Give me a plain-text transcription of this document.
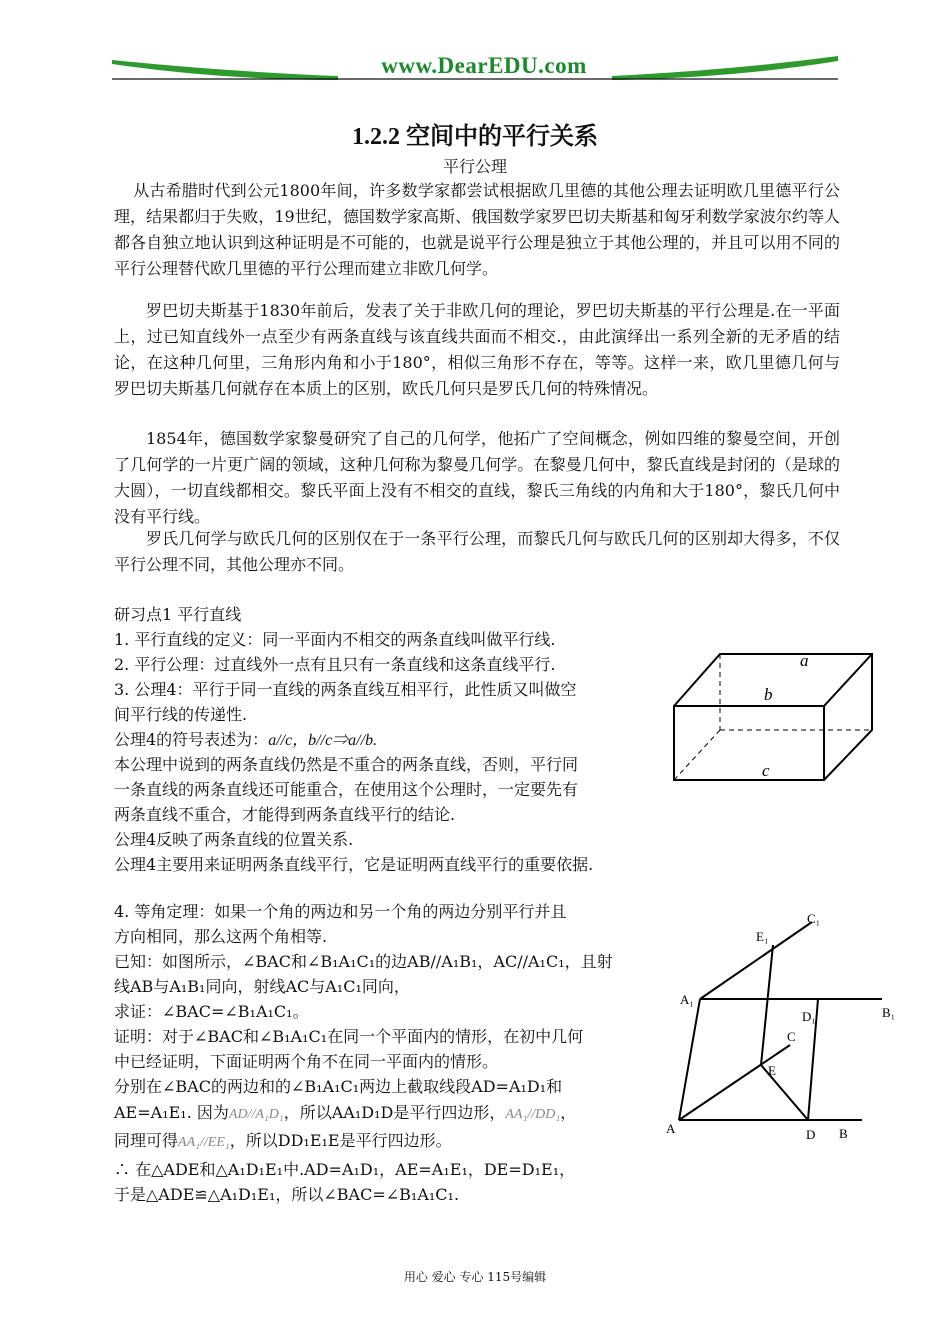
www.DearEDU.com
1.2.2 空间中的平行关系
平行公理
从古希腊时代到公元1800年间，许多数学家都尝试根据欧几里德的其他公理去证明欧几里德平行公理，结果都归于失败，19世纪，德国数学家高斯、俄国数学家罗巴切夫斯基和匈牙利数学家波尔约等人都各自独立地认识到这种证明是不可能的，也就是说平行公理是独立于其他公理的，并且可以用不同的平行公理替代欧几里德的平行公理而建立非欧几何学。
罗巴切夫斯基于1830年前后，发表了关于非欧几何的理论，罗巴切夫斯基的平行公理是.在一平面上，过已知直线外一点至少有两条直线与该直线共面而不相交.，由此演绎出一系列全新的无矛盾的结论，在这种几何里，三角形内角和小于180°，相似三角形不存在，等等。这样一来，欧几里德几何与罗巴切夫斯基几何就存在本质上的区别，欧氏几何只是罗氏几何的特殊情况。
1854年，德国数学家黎曼研究了自己的几何学，他拓广了空间概念，例如四维的黎曼空间，开创了几何学的一片更广阔的领域，这种几何称为黎曼几何学。在黎曼几何中，黎氏直线是封闭的（是球的大圆），一切直线都相交。黎氏平面上没有不相交的直线，黎氏三角线的内角和大于180°，黎氏几何中没有平行线。
罗氏几何学与欧氏几何的区别仅在于一条平行公理，而黎氏几何与欧氏几何的区别却大得多，不仅平行公理不同，其他公理亦不同。
研习点1 平行直线
1. 平行直线的定义：同一平面内不相交的两条直线叫做平行线.
2. 平行公理：过直线外一点有且只有一条直线和这条直线平行.
3. 公理4：平行于同一直线的两条直线互相平行，此性质又叫做空
间平行线的传递性.
公理4的符号表述为：a//c，b//c⇒a//b.
本公理中说到的两条直线仍然是不重合的两条直线，否则，平行同
一条直线的两条直线还可能重合，在使用这个公理时，一定要先有
两条直线不重合，才能得到两条直线平行的结论.
公理4反映了两条直线的位置关系.
公理4主要用来证明两条直线平行，它是证明两直线平行的重要依据.
a
b
c
4. 等角定理：如果一个角的两边和另一个角的两边分别平行并且
方向相同，那么这两个角相等.
已知：如图所示，∠BAC和∠B₁A₁C₁的边AB//A₁B₁，AC//A₁C₁，且射
线AB与A₁B₁同向，射线AC与A₁C₁同向，
求证：∠BAC=∠B₁A₁C₁。
证明：对于∠BAC和∠B₁A₁C₁在同一个平面内的情形，在初中几何
中已经证明，下面证明两个角不在同一平面内的情形。
分别在∠BAC的两边和的∠B₁A₁C₁两边上截取线段AD=A₁D₁和
AE=A₁E₁. 因为AD//A₁D₁，所以AA₁D₁D是平行四边形，AA₁//DD₁，
同理可得AA₁//EE₁，所以DD₁E₁E是平行四边形。
∴ 在△ADE和△A₁D₁E₁中.AD=A₁D₁，AE=A₁E₁，DE=D₁E₁，
于是△ADE≌△A₁D₁E₁，所以∠BAC=∠B₁A₁C₁.
C₁
E₁
A₁
D₁	B₁
C
E
A	D B
用心 爱心 专心 115号编辑
